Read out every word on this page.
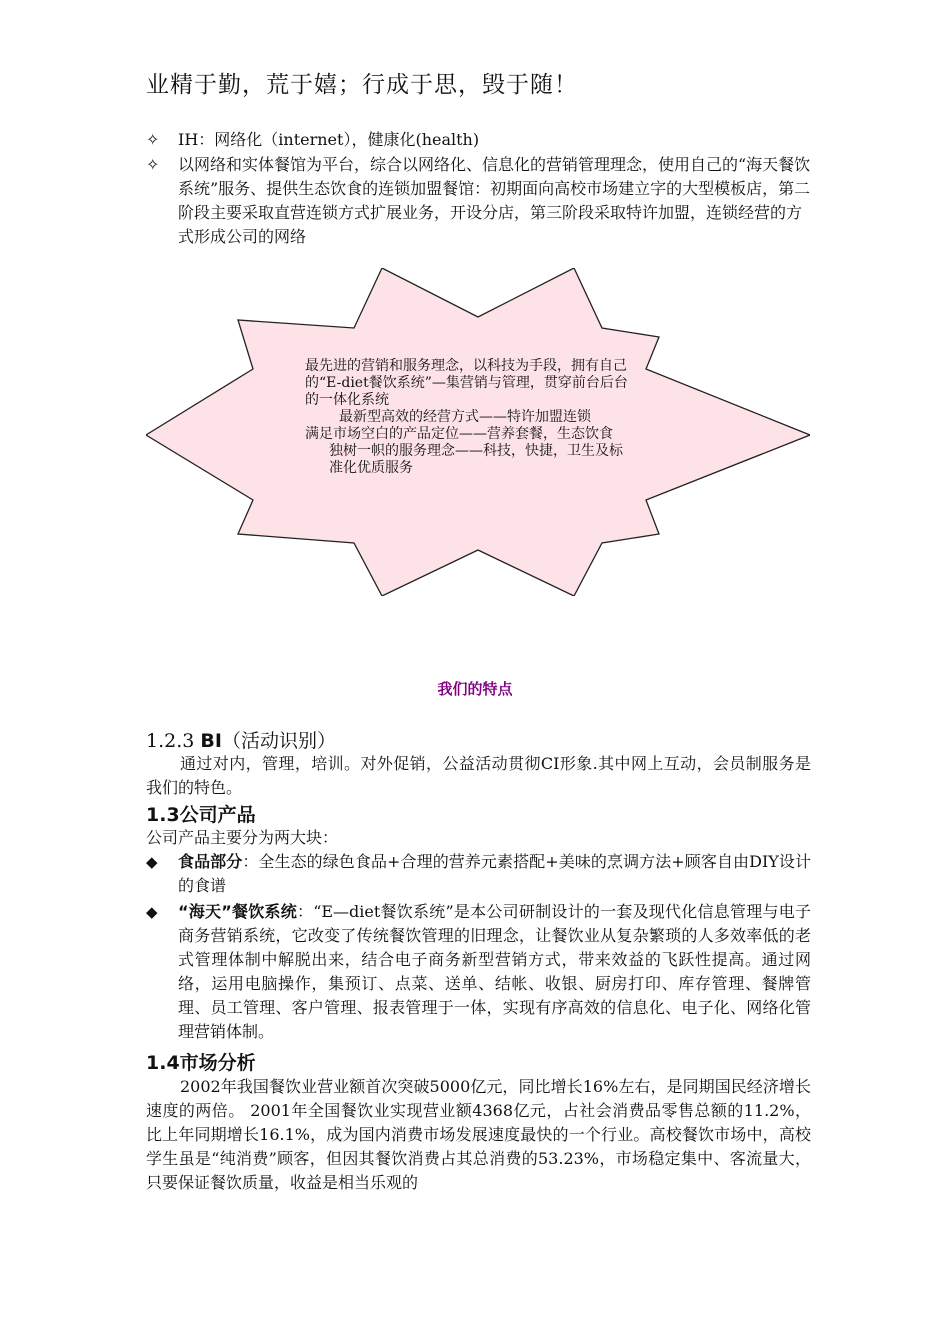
业精于勤，荒于嬉；行成于思，毁于随！
✧	IH：网络化（internet），健康化(health)
✧	以网络和实体餐馆为平台，综合以网络化、信息化的营销管理理念，使用自己的“海天餐饮系统”服务、提供生态饮食的连锁加盟餐馆：初期面向高校市场建立字的大型模板店，第二阶段主要采取直营连锁方式扩展业务，开设分店，第三阶段采取特许加盟，连锁经营的方式形成公司的网络

最先进的营销和服务理念，以科技为手段，拥有自己的“E-diet餐饮系统”—集营销与管理，贯穿前台后台的一体化系统

最新型高效的经营方式——特许加盟连锁

满足市场空白的产品定位——营养套餐，生态饮食

独树一帜的服务理念——科技，快捷，卫生及标准化优质服务

我们的特点
1.2.3 BI（活动识别）
通过对内，管理，培训。对外促销，公益活动贯彻CI形象.其中网上互动，会员制服务是我们的特色。
1.3公司产品
公司产品主要分为两大块：
◆ 食品部分：全生态的绿色食品+合理的营养元素搭配+美味的烹调方法+顾客自由DIY设计的食谱
◆ “海天”餐饮系统：“E—diet餐饮系统”是本公司研制设计的一套及现代化信息管理与电子商务营销系统，它改变了传统餐饮管理的旧理念，让餐饮业从复杂繁琐的人多效率低的老式管理体制中解脱出来，结合电子商务新型营销方式，带来效益的飞跃性提高。通过网络，运用电脑操作，集预订、点菜、送单、结帐、收银、厨房打印、库存管理、餐牌管理、员工管理、客户管理、报表管理于一体，实现有序高效的信息化、电子化、网络化管理营销体制。
1.4市场分析
2002年我国餐饮业营业额首次突破5000亿元，同比增长16%左右，是同期国民经济增长速度的两倍。 2001年全国餐饮业实现营业额4368亿元，占社会消费品零售总额的11.2%，比上年同期增长16.1%，成为国内消费市场发展速度最快的一个行业。高校餐饮市场中，高校学生虽是“纯消费”顾客，但因其餐饮消费占其总消费的53.23%，市场稳定集中、客流量大，只要保证餐饮质量，收益是相当乐观的
